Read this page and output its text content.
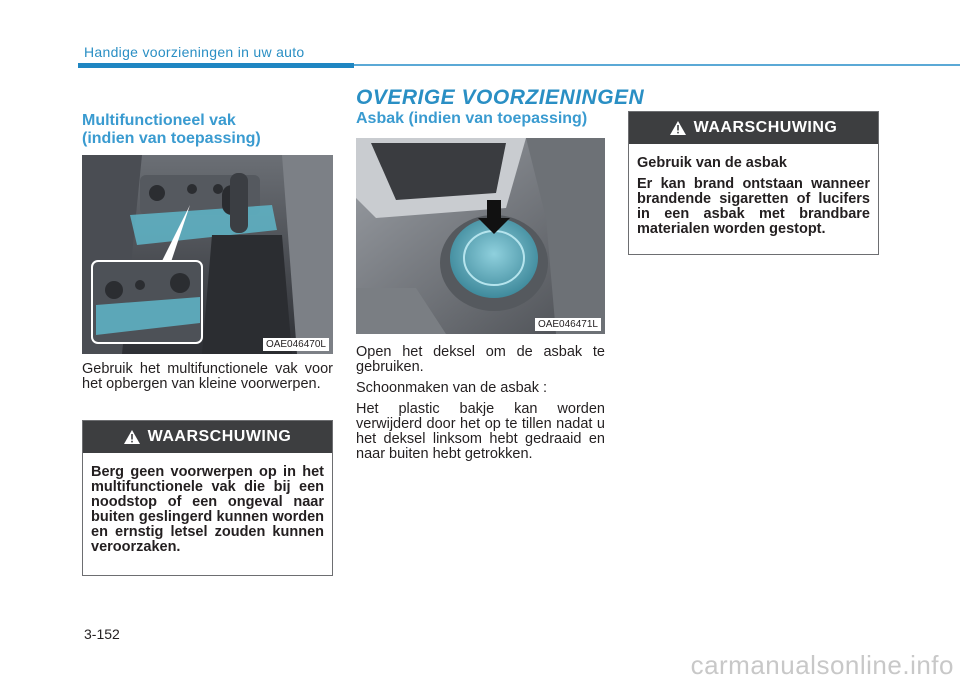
Handige voorzieningen in uw auto
OVERIGE VOORZIENINGEN
Multifunctioneel vak
(indien van toepassing)
OAE046470L

Gebruik het multifunctionele vak voor het opbergen van kleine voorwerpen.

WAARSCHUWING

Berg geen voorwerpen op in het multifunctionele vak die bij een noodstop of een ongeval naar buiten geslingerd kunnen worden en ernstig letsel zouden kunnen veroorzaken.

Asbak (indien van toepassing)
OAE046471L

Open het deksel om de asbak te gebruiken.

Schoonmaken van de asbak :

Het plastic bakje kan worden verwijderd door het op te tillen nadat u het deksel linksom hebt gedraaid en naar buiten hebt getrokken.

WAARSCHUWING

Gebruik van de asbak

Er kan brand ontstaan wanneer brandende sigaretten of lucifers in een asbak met brandbare materialen worden gestopt.

3-152
carmanualsonline.info
